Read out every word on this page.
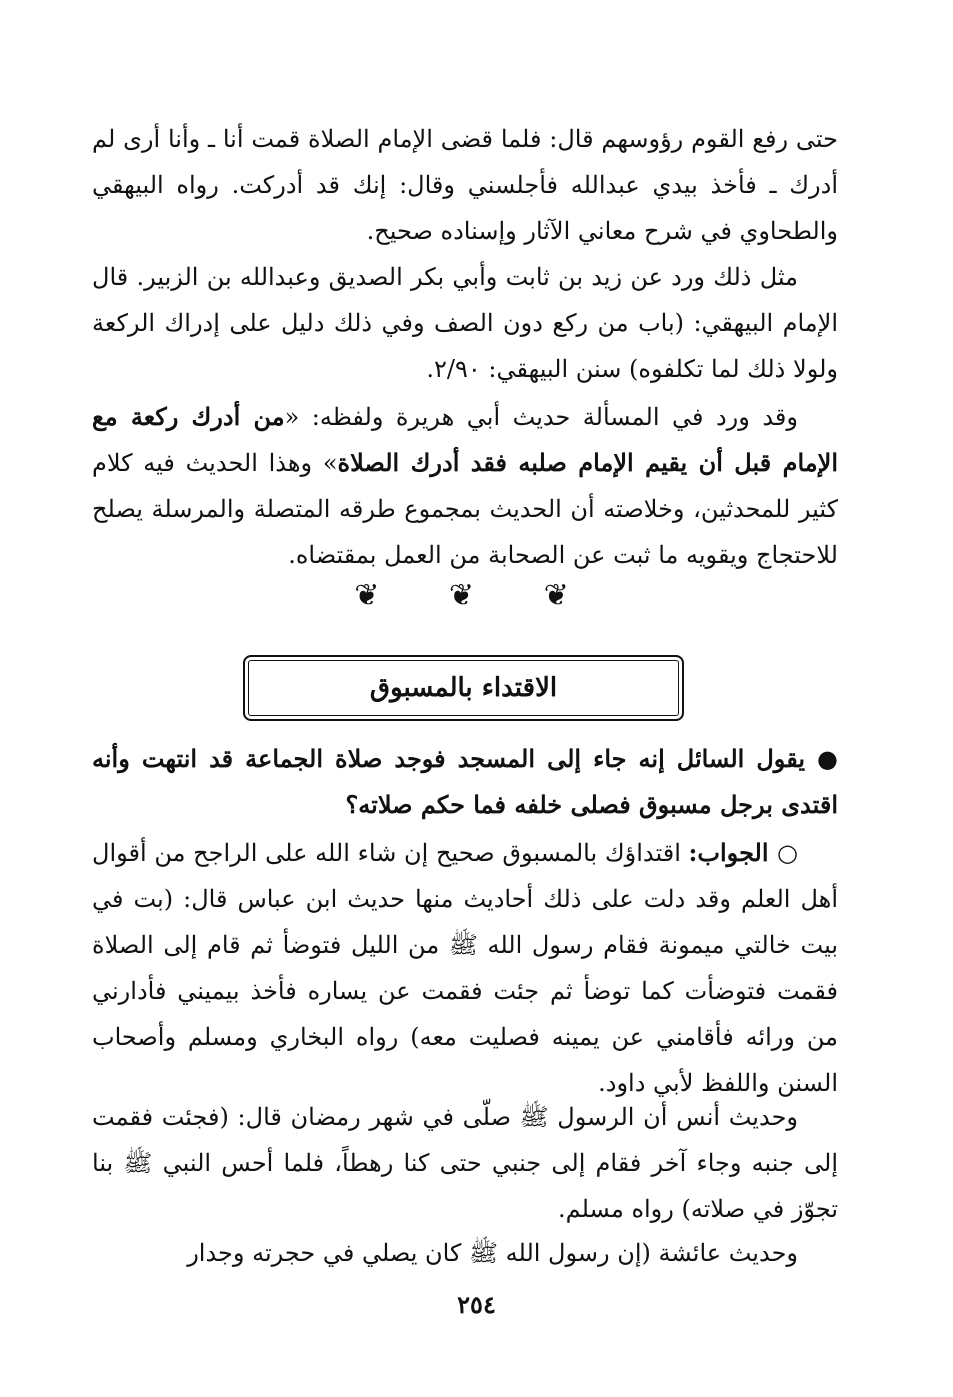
حتى رفع القوم رؤوسهم قال: فلما قضى الإمام الصلاة قمت أنا ـ وأنا أرى لم أدرك ـ فأخذ بيدي عبدالله فأجلسني وقال: إنك قد أدركت. رواه البيهقي والطحاوي في شرح معاني الآثار وإسناده صحيح.

مثل ذلك ورد عن زيد بن ثابت وأبي بكر الصديق وعبدالله بن الزبير. قال الإمام البيهقي: (باب من ركع دون الصف وفي ذلك دليل على إدراك الركعة ولولا ذلك لما تكلفوه) سنن البيهقي: ٢/٩٠.

وقد ورد في المسألة حديث أبي هريرة ولفظه: «من أدرك ركعة مع الإمام قبل أن يقيم الإمام صلبه فقد أدرك الصلاة» وهذا الحديث فيه كلام كثير للمحدثين، وخلاصته أن الحديث بمجموع طرقه المتصلة والمرسلة يصلح للاحتجاج ويقويه ما ثبت عن الصحابة من العمل بمقتضاه.

❦ ❦ ❦
الاقتداء بالمسبوق

● يقول السائل إنه جاء إلى المسجد فوجد صلاة الجماعة قد انتهت وأنه اقتدى برجل مسبوق فصلى خلفه فما حكم صلاته؟

○ الجواب: اقتداؤك بالمسبوق صحيح إن شاء الله على الراجح من أقوال أهل العلم وقد دلت على ذلك أحاديث منها حديث ابن عباس قال: (بت في بيت خالتي ميمونة فقام رسول الله ﷺ من الليل فتوضأ ثم قام إلى الصلاة فقمت فتوضأت كما توضأ ثم جئت فقمت عن يساره فأخذ بيميني فأدارني من ورائه فأقامني عن يمينه فصليت معه) رواه البخاري ومسلم وأصحاب السنن واللفظ لأبي داود.

وحديث أنس أن الرسول ﷺ صلّى في شهر رمضان قال: (فجئت فقمت إلى جنبه وجاء آخر فقام إلى جنبي حتى كنا رهطاً، فلما أحس النبي ﷺ بنا تجوّز في صلاته) رواه مسلم.

وحديث عائشة (إن رسول الله ﷺ كان يصلي في حجرته وجدار

٢٥٤
